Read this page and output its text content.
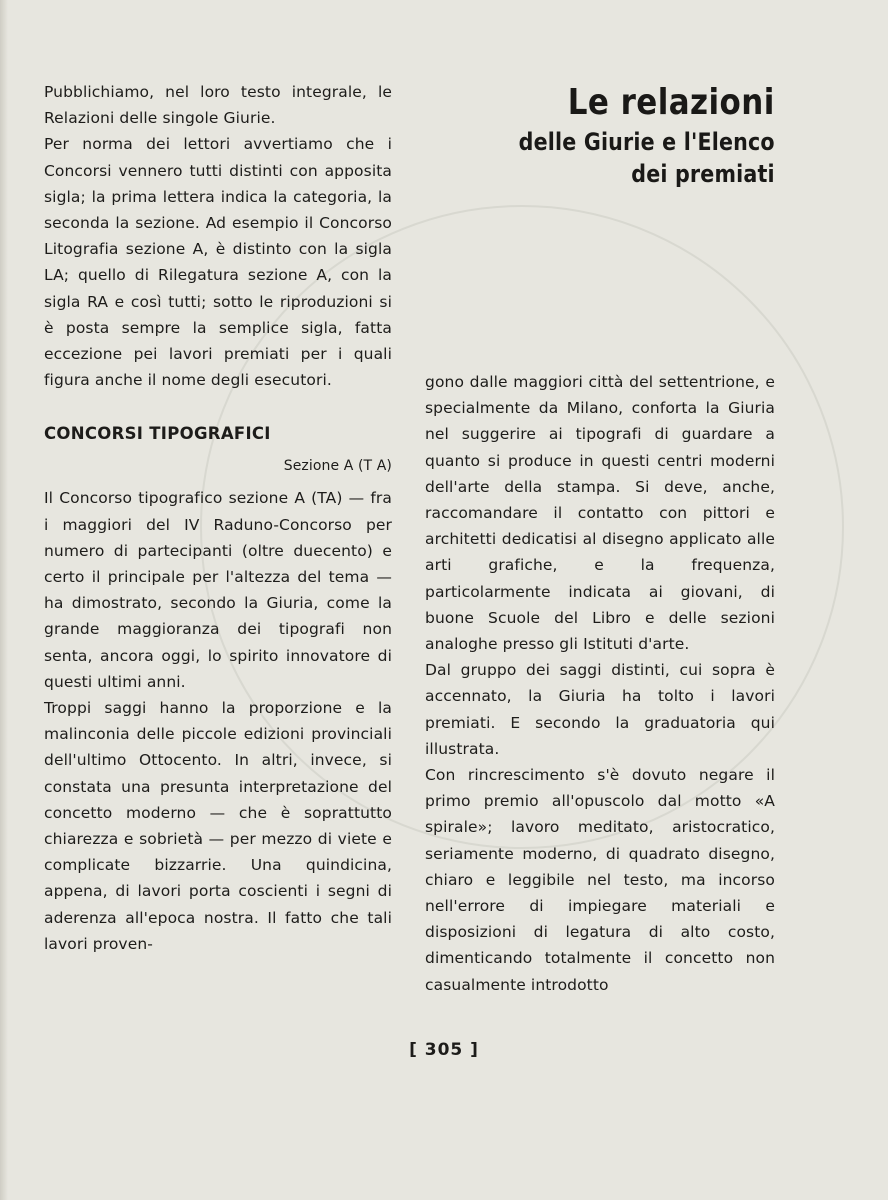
Le relazioni
delle Giurie e l'Elenco
dei premiati

Pubblichiamo, nel loro testo integrale, le Relazioni delle singole Giurie.

Per norma dei lettori avvertiamo che i Concorsi vennero tutti distinti con apposita sigla; la prima lettera indica la categoria, la seconda la sezione. Ad esempio il Concorso Litografia sezione A, è distinto con la sigla LA; quello di Rilegatura sezione A, con la sigla RA e così tutti; sotto le riproduzioni si è posta sempre la semplice sigla, fatta eccezione pei lavori premiati per i quali figura anche il nome degli esecutori.

CONCORSI TIPOGRAFICI
Sezione A (T A)

Il Concorso tipografico sezione A (TA) — fra i maggiori del IV Raduno-Concorso per numero di partecipanti (oltre duecento) e certo il principale per l'altezza del tema — ha dimostrato, secondo la Giuria, come la grande maggioranza dei tipografi non senta, ancora oggi, lo spirito innovatore di questi ultimi anni.

Troppi saggi hanno la proporzione e la malinconia delle piccole edizioni provinciali dell'ultimo Ottocento. In altri, invece, si constata una presunta interpretazione del concetto moderno — che è soprattutto chiarezza e sobrietà — per mezzo di viete e complicate bizzarrie. Una quindicina, appena, di lavori porta coscienti i segni di aderenza all'epoca nostra. Il fatto che tali lavori proven-

gono dalle maggiori città del settentrione, e specialmente da Milano, conforta la Giuria nel suggerire ai tipografi di guardare a quanto si produce in questi centri moderni dell'arte della stampa. Si deve, anche, raccomandare il contatto con pittori e architetti dedicatisi al disegno applicato alle arti grafiche, e la frequenza, particolarmente indicata ai giovani, di buone Scuole del Libro e delle sezioni analoghe presso gli Istituti d'arte.

Dal gruppo dei saggi distinti, cui sopra è accennato, la Giuria ha tolto i lavori premiati. E secondo la graduatoria qui illustrata.

Con rincrescimento s'è dovuto negare il primo premio all'opuscolo dal motto «A spirale»; lavoro meditato, aristocratico, seriamente moderno, di quadrato disegno, chiaro e leggibile nel testo, ma incorso nell'errore di impiegare materiali e disposizioni di legatura di alto costo, dimenticando totalmente il concetto non casualmente introdotto

[ 305 ]
